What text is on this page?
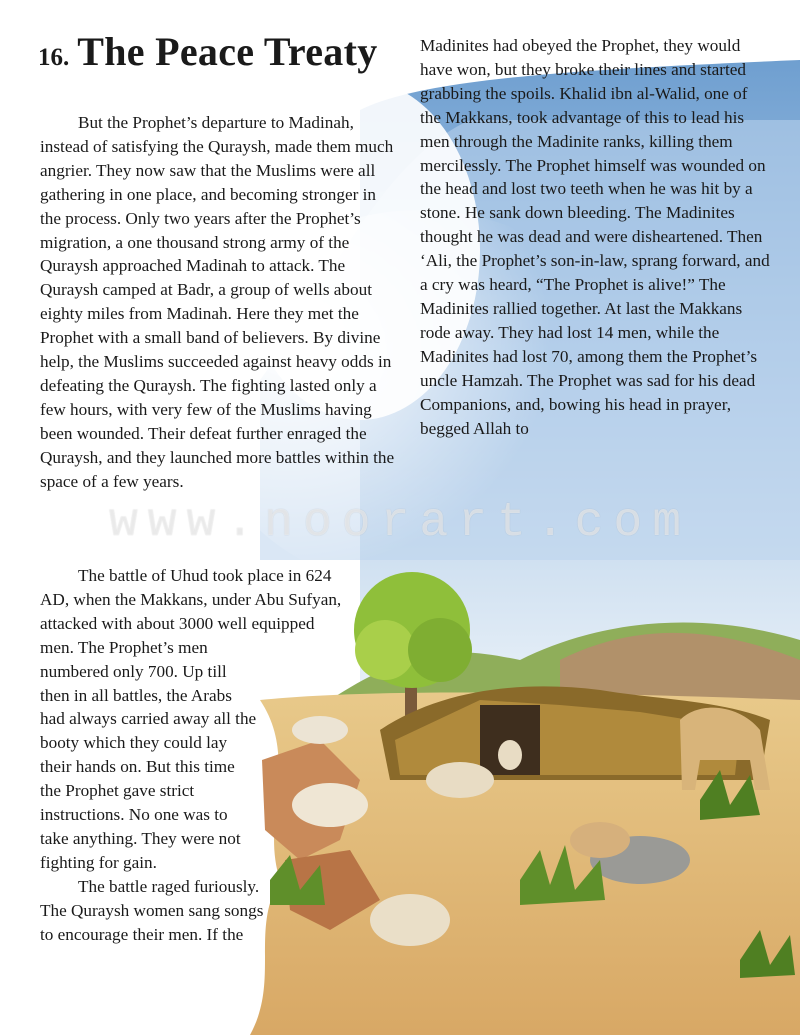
16. The Peace Treaty

But the Prophet’s departure to Madinah, instead of satisfying the Quraysh, made them much angrier. They now saw that the Muslims were all gathering in one place, and becoming stronger in the process. Only two years after the Prophet’s migration, a one thousand strong army of the Quraysh approached Madinah to attack. The Quraysh camped at Badr, a group of wells about eighty miles from Madinah. Here they met the Prophet with a small band of believers. By divine help, the Muslims succeeded against heavy odds in defeating the Quraysh. The fighting lasted only a few hours, with very few of the Muslims having been wounded. Their defeat further enraged the Quraysh, and they launched more battles within the space of a few years.

The battle of Uhud took place in 624
AD, when the Makkans, under Abu Sufyan,
attacked with about 3000 well equipped
men. The Prophet’s men
numbered only 700. Up till
then in all battles, the Arabs
had always carried away all the
booty which they could lay
their hands on. But this time
the Prophet gave strict
instructions. No one was to
take anything. They were not
fighting for gain.
The battle raged furiously.
The Quraysh women sang songs
to encourage their men. If the

Madinites had obeyed the Prophet, they would have won, but they broke their lines and started grabbing the spoils. Khalid ibn al-Walid, one of the Makkans, took advantage of this to lead his men through the Madinite ranks, killing them mercilessly. The Prophet himself was wounded on the head and lost two teeth when he was hit by a stone. He sank down bleeding. The Madinites thought he was dead and were disheartened. Then ‘Ali, the Prophet’s son-in-law, sprang forward, and a cry was heard, “The Prophet is alive!” The Madinites rallied together. At last the Makkans rode away. They had lost 14 men, while the Madinites had lost 70, among them the Prophet’s uncle Hamzah. The Prophet was sad for his dead Companions, and, bowing his head in prayer, begged Allah to

www.noorart.com
